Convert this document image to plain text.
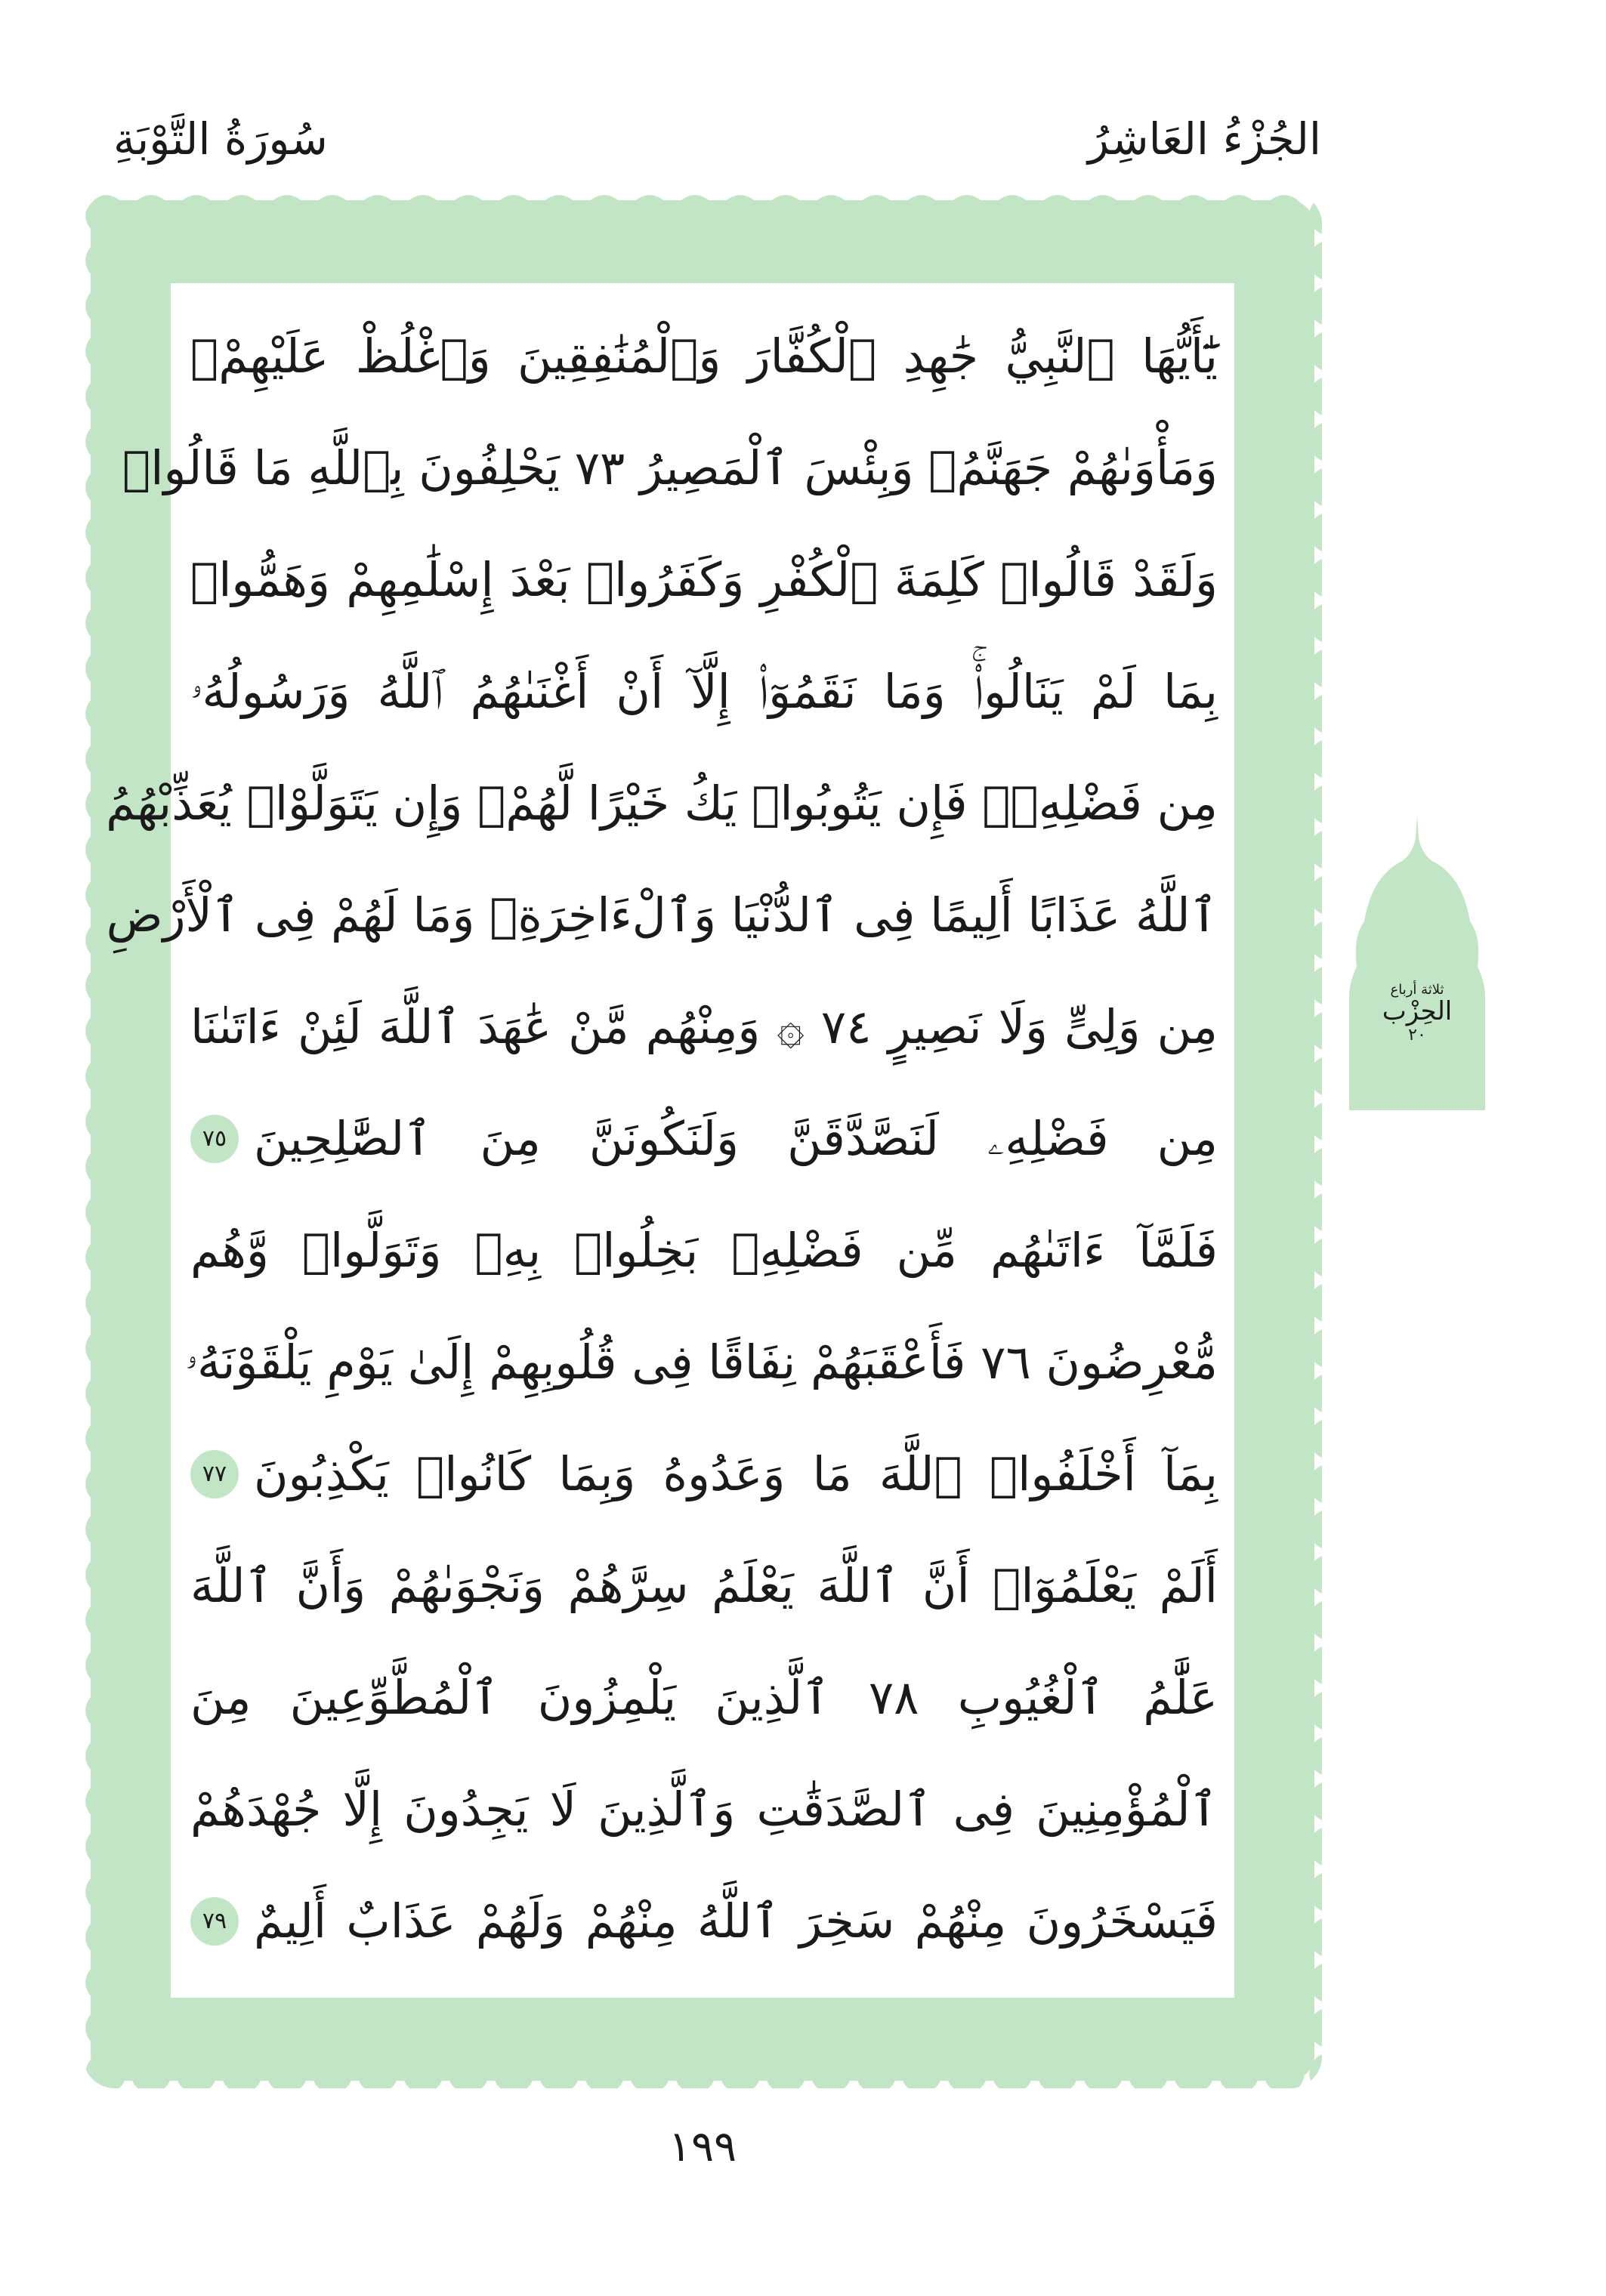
الجُزْءُ العَاشِرُ
سُورَةُ التَّوْبَةِ
يَٰٓأَيُّهَا ٱلنَّبِيُّ جَٰهِدِ ٱلْكُفَّارَ وَٱلْمُنَٰفِقِينَ وَٱغْلُظْ عَلَيْهِمْۚ
وَمَأْوَىٰهُمْ جَهَنَّمُۖ وَبِئْسَ ٱلْمَصِيرُ ٧٣ يَحْلِفُونَ بِٱللَّهِ مَا قَالُوا۟
وَلَقَدْ قَالُوا۟ كَلِمَةَ ٱلْكُفْرِ وَكَفَرُوا۟ بَعْدَ إِسْلَٰمِهِمْ وَهَمُّوا۟
بِمَا لَمْ يَنَالُوا۟ۚ وَمَا نَقَمُوٓا۟ إِلَّآ أَنْ أَغْنَىٰهُمُ ٱللَّهُ وَرَسُولُهُۥ
مِن فَضْلِهِۦۚ فَإِن يَتُوبُوا۟ يَكُ خَيْرًا لَّهُمْۖ وَإِن يَتَوَلَّوْا۟ يُعَذِّبْهُمُ
ٱللَّهُ عَذَابًا أَلِيمًا فِى ٱلدُّنْيَا وَٱلْءَاخِرَةِۚ وَمَا لَهُمْ فِى ٱلْأَرْضِ
مِن وَلِىٍّ وَلَا نَصِيرٍ ٧٤ ۞ وَمِنْهُم مَّنْ عَٰهَدَ ٱللَّهَ لَئِنْ ءَاتَىٰنَا
٧٥ مِن فَضْلِهِۦ لَنَصَّدَّقَنَّ وَلَنَكُونَنَّ مِنَ ٱلصَّٰلِحِينَ
فَلَمَّآ ءَاتَىٰهُم مِّن فَضْلِهِۦ بَخِلُوا۟ بِهِۦ وَتَوَلَّوا۟ وَّهُم
مُّعْرِضُونَ ٧٦ فَأَعْقَبَهُمْ نِفَاقًا فِى قُلُوبِهِمْ إِلَىٰ يَوْمِ يَلْقَوْنَهُۥ
٧٧ بِمَآ أَخْلَفُوا۟ ٱللَّهَ مَا وَعَدُوهُ وَبِمَا كَانُوا۟ يَكْذِبُونَ
أَلَمْ يَعْلَمُوٓا۟ أَنَّ ٱللَّهَ يَعْلَمُ سِرَّهُمْ وَنَجْوَىٰهُمْ وَأَنَّ ٱللَّهَ
عَلَّٰمُ ٱلْغُيُوبِ ٧٨ ٱلَّذِينَ يَلْمِزُونَ ٱلْمُطَّوِّعِينَ مِنَ
ٱلْمُؤْمِنِينَ فِى ٱلصَّدَقَٰتِ وَٱلَّذِينَ لَا يَجِدُونَ إِلَّا جُهْدَهُمْ
٧٩ فَيَسْخَرُونَ مِنْهُمْ سَخِرَ ٱللَّهُ مِنْهُمْ وَلَهُمْ عَذَابٌ أَلِيمٌ
ثلاثة أرباع
الحِزْب
٢٠
١٩٩
